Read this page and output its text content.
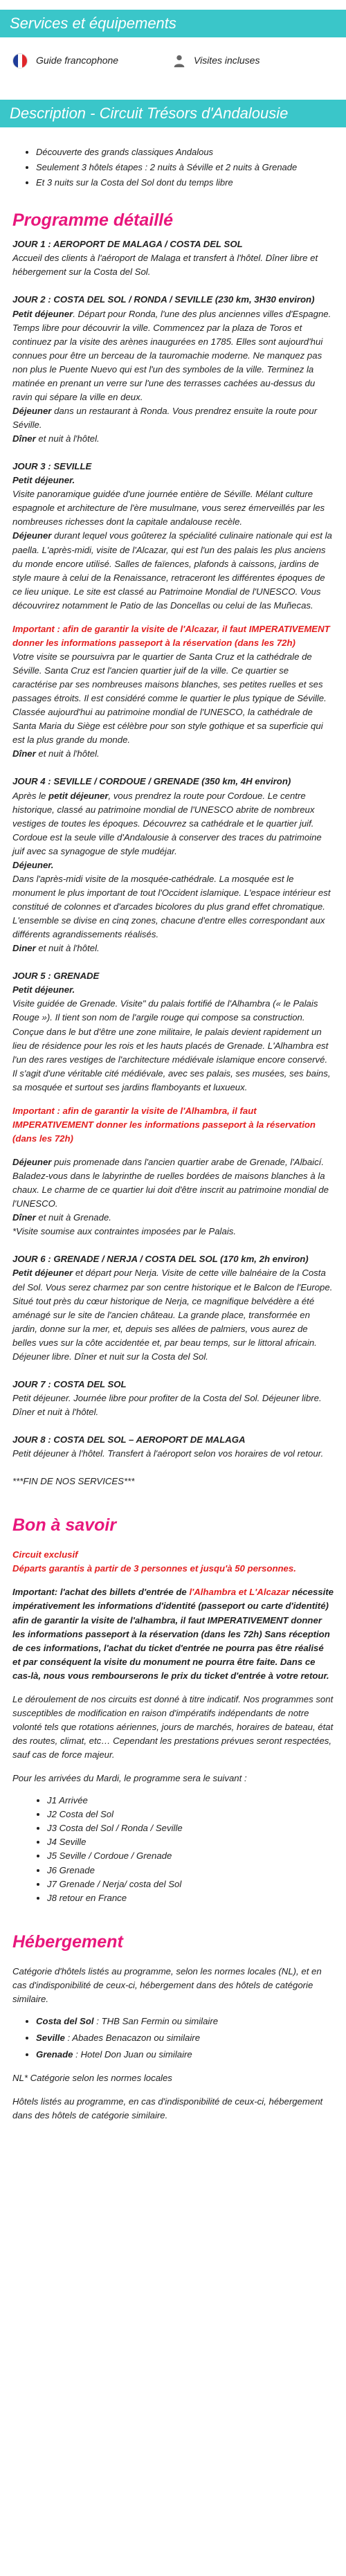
Services et équipements
Guide francophone	Visites incluses
Description - Circuit Trésors d'Andalousie
• Découverte des grands classiques Andalous
• Seulement 3 hôtels étapes : 2 nuits à Séville et 2 nuits à Grenade
• Et 3 nuits sur la Costa del Sol dont du temps libre
Programme détaillé

JOUR 1 : AEROPORT DE MALAGA / COSTA DEL SOL

Accueil des clients à l'aéroport de Malaga et transfert à l'hôtel. Dîner libre et hébergement sur la Costa del Sol.

JOUR 2 : COSTA DEL SOL / RONDA / SEVILLE (230 km, 3H30 environ)

Petit déjeuner. Départ pour Ronda, l'une des plus anciennes villes d'Espagne. Temps libre pour découvrir la ville. Commencez par la plaza de Toros et continuez par la visite des arènes inaugurées en 1785. Elles sont aujourd'hui connues pour être un berceau de la tauromachie moderne. Ne manquez pas non plus le Puente Nuevo qui est l'un des symboles de la ville. Terminez la matinée en prenant un verre sur l'une des terrasses cachées au-dessus du ravin qui sépare la ville en deux.

Déjeuner dans un restaurant à Ronda. Vous prendrez ensuite la route pour Séville.

Dîner et nuit à l'hôtel.

JOUR 3 : SEVILLE

Petit déjeuner.

Visite panoramique guidée d'une journée entière de Séville. Mélant culture espagnole et architecture de l'ère musulmane, vous serez émerveillés par les nombreuses richesses dont la capitale andalouse recèle.

Déjeuner durant lequel vous goûterez la spécialité culinaire nationale qui est la paella. L'après-midi, visite de l'Alcazar, qui est l'un des palais les plus anciens du monde encore utilisé. Salles de faïences, plafonds à caissons, jardins de style maure à celui de la Renaissance, retraceront les différentes époques de ce lieu unique. Le site est classé au Patrimoine Mondial de l'UNESCO. Vous découvrirez notamment le Patio de las Doncellas ou celui de las Muñecas.

Important : afin de garantir la visite de l'Alcazar, il faut IMPERATIVEMENT donner les informations passeport à la réservation (dans les 72h)

Votre visite se poursuivra par le quartier de Santa Cruz et la cathédrale de Séville. Santa Cruz est l'ancien quartier juif de la ville. Ce quartier se caractérise par ses nombreuses maisons blanches, ses petites ruelles et ses passages étroits. Il est considéré comme le quartier le plus typique de Séville. Classée aujourd'hui au patrimoine mondial de l'UNESCO, la cathédrale de Santa Maria du Siège est célèbre pour son style gothique et sa superficie qui est la plus grande du monde.

Dîner et nuit à l'hôtel.

JOUR 4 : SEVILLE / CORDOUE / GRENADE (350 km, 4H environ)

Après le petit déjeuner, vous prendrez la route pour Cordoue. Le centre historique, classé au patrimoine mondial de l'UNESCO abrite de nombreux vestiges de toutes les époques. Découvrez sa cathédrale et le quartier juif. Cordoue est la seule ville d'Andalousie à conserver des traces du patrimoine juif avec sa synagogue de style mudéjar.

Déjeuner.

Dans l'après-midi visite de la mosquée-cathédrale. La mosquée est le monument le plus important de tout l'Occident islamique. L'espace intérieur est constitué de colonnes et d'arcades bicolores du plus grand effet chromatique. L'ensemble se divise en cinq zones, chacune d'entre elles correspondant aux différents agrandissements réalisés.

Diner et nuit à l'hôtel.

JOUR 5 : GRENADE

Petit déjeuner.

Visite guidée de Grenade. Visite" du palais fortifié de l'Alhambra (« le Palais Rouge »). Il tient son nom de l'argile rouge qui compose sa construction. Conçue dans le but d'être une zone militaire, le palais devient rapidement un lieu de résidence pour les rois et les hauts placés de Grenade. L'Alhambra est l'un des rares vestiges de l'architecture médiévale islamique encore conservé. Il s'agit d'une véritable cité médiévale, avec ses palais, ses musées, ses bains, sa mosquée et surtout ses jardins flamboyants et luxueux.

Important : afin de garantir la visite de l'Alhambra, il faut IMPERATIVEMENT donner les informations passeport à la réservation (dans les 72h)

Déjeuner puis promenade dans l'ancien quartier arabe de Grenade, l'Albaicí. Baladez-vous dans le labyrinthe de ruelles bordées de maisons blanches à la chaux. Le charme de ce quartier lui doit d'être inscrit au patrimoine mondial de l'UNESCO.

Dîner et nuit à Grenade.

*Visite soumise aux contraintes imposées par le Palais.

JOUR 6 : GRENADE / NERJA / COSTA DEL SOL (170 km, 2h environ)

Petit déjeuner et départ pour Nerja. Visite de cette ville balnéaire de la Costa del Sol. Vous serez charmez par son centre historique et le Balcon de l'Europe. Situé tout près du cœur historique de Nerja, ce magnifique belvédère a été aménagé sur le site de l'ancien château. La grande place, transformée en jardin, donne sur la mer, et, depuis ses allées de palmiers, vous aurez de belles vues sur la côte accidentée et, par beau temps, sur le littoral africain. Déjeuner libre. Dîner et nuit sur la Costa del Sol.

JOUR 7 : COSTA DEL SOL

Petit déjeuner. Journée libre pour profiter de la Costa del Sol. Déjeuner libre. Dîner et nuit à l'hôtel.

JOUR 8 : COSTA DEL SOL – AEROPORT DE MALAGA

Petit déjeuner à l'hôtel. Transfert à l'aéroport selon vos horaires de vol retour.

***FIN DE NOS SERVICES***

Bon à savoir

Circuit exclusif

Départs garantis à partir de 3 personnes et jusqu'à 50 personnes.

Important: l'achat des billets d'entrée de l'Alhambra et L'Alcazar nécessite impérativement les informations d'identité (passeport ou carte d'identité) afin de garantir la visite de l'alhambra, il faut IMPERATIVEMENT donner les informations passeport à la réservation (dans les 72h) Sans réception de ces informations, l'achat du ticket d'entrée ne pourra pas être réalisé et par conséquent la visite du monument ne pourra être faite. Dans ce cas-là, nous vous rembourserons le prix du ticket d'entrée à votre retour.

Le déroulement de nos circuits est donné à titre indicatif. Nos programmes sont susceptibles de modification en raison d'impératifs indépendants de notre volonté tels que rotations aériennes, jours de marchés, horaires de bateau, état des routes, climat, etc… Cependant les prestations prévues seront respectées, sauf cas de force majeur.

Pour les arrivées du Mardi, le programme sera le suivant :

• J1 Arrivée
• J2 Costa del Sol
• J3 Costa del Sol / Ronda / Seville
• J4 Seville
• J5 Seville / Cordoue / Grenade
• J6 Grenade
• J7 Grenade / Nerja/ costa del Sol
• J8 retour en France
Hébergement

Catégorie d'hôtels listés au programme, selon les normes locales (NL), et en cas d'indisponibilité de ceux-ci, hébergement dans des hôtels de catégorie similaire.

• Costa del Sol : THB San Fermin ou similaire
• Seville : Abades Benacazon ou similaire
• Grenade : Hotel Don Juan ou similaire

NL* Catégorie selon les normes locales

Hôtels listés au programme, en cas d'indisponibilité de ceux-ci, hébergement dans des hôtels de catégorie similaire.
